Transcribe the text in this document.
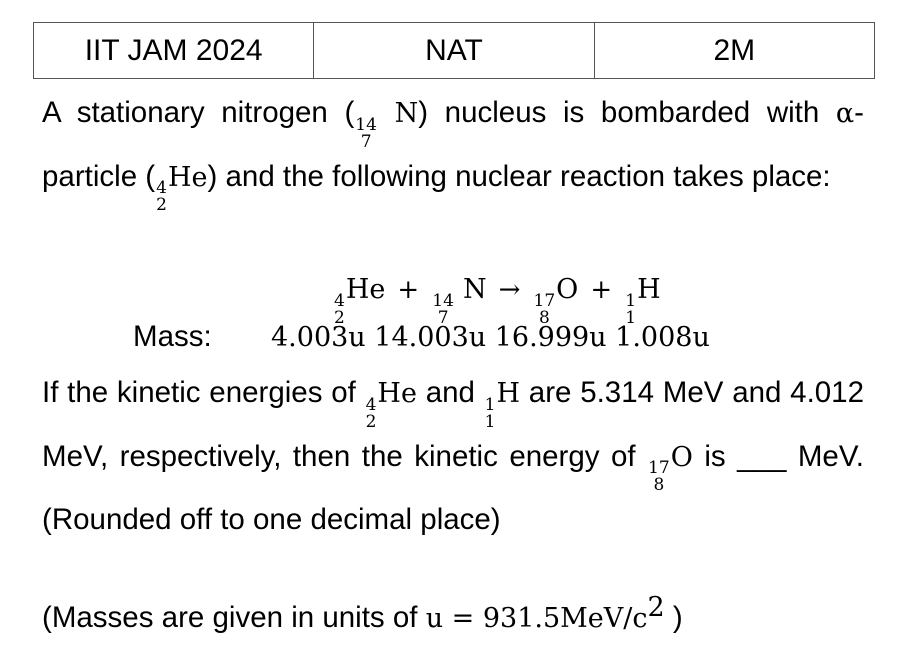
IIT JAM 2024	NAT	2M

A stationary nitrogen ( 14
7
N) nucleus is bombarded with α-particle ( 4
2
He) and the following nuclear reaction takes place:

4
2
He + 14
7
N → 17
8
O + 1
1
H
Mass: 4.003u 14.003u 16.999u 1.008u

If the kinetic energies of 4
2
He and 1
1
H are 5.314 MeV and 4.012 MeV, respectively, then the kinetic energy of 17
8
O is ___ MeV. (Rounded off to one decimal place)

(Masses are given in units of $u = 931.5MeV/c^2$ )
